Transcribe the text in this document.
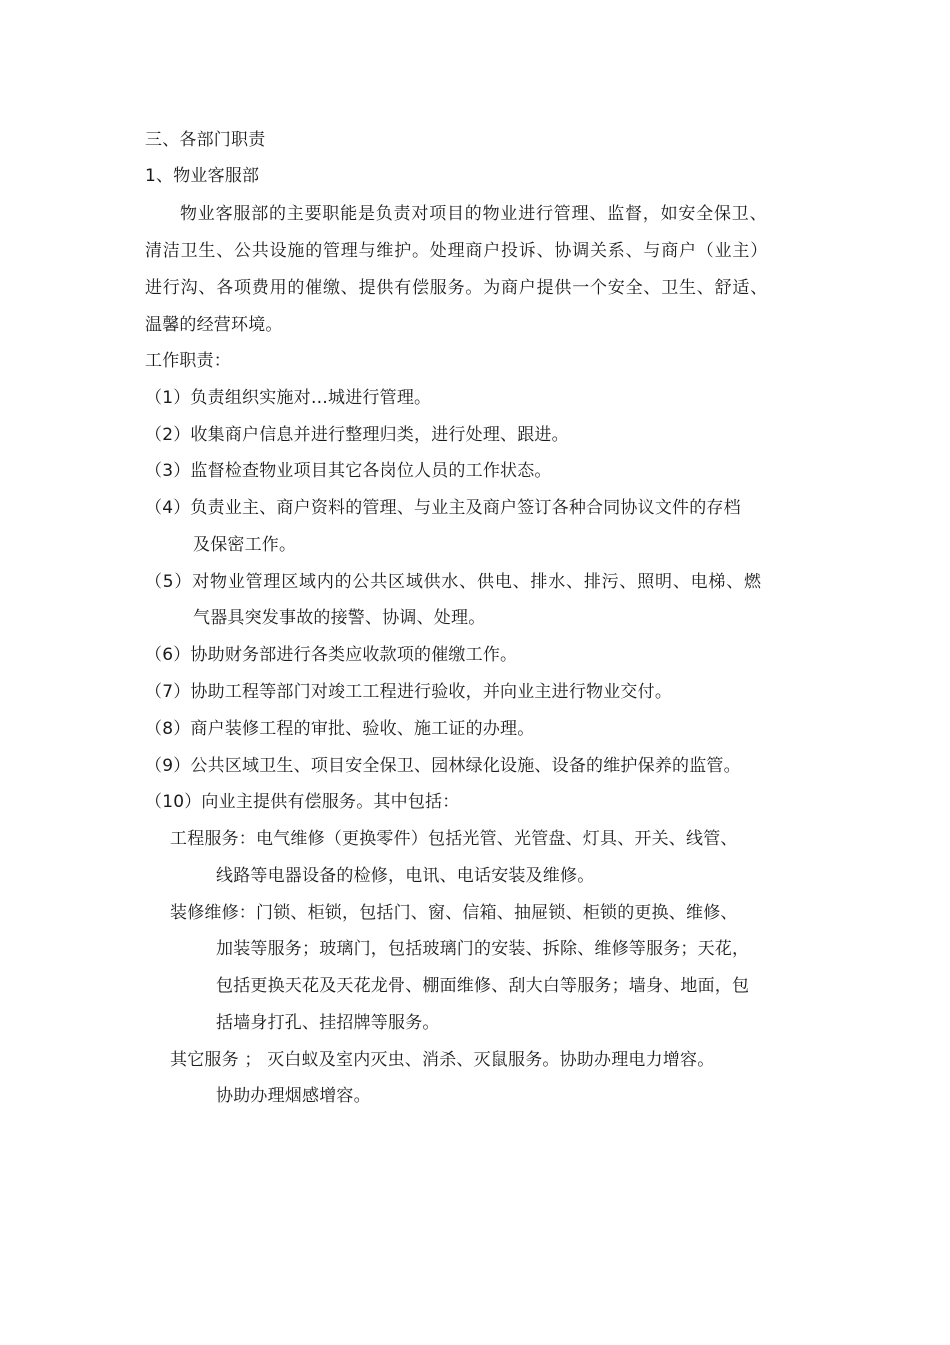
三、各部门职责
1、物业客服部
物业客服部的主要职能是负责对项目的物业进行管理、监督，如安全保卫、
清洁卫生、公共设施的管理与维护。处理商户投诉、协调关系、与商户（业主）
进行沟、各项费用的催缴、提供有偿服务。为商户提供一个安全、卫生、舒适、
温馨的经营环境。
工作职责：
（1）负责组织实施对…城进行管理。
（2）收集商户信息并进行整理归类，进行处理、跟进。
（3）监督检查物业项目其它各岗位人员的工作状态。
（4）负责业主、商户资料的管理、与业主及商户签订各种合同协议文件的存档
及保密工作。
（5）对物业管理区域内的公共区域供水、供电、排水、排污、照明、电梯、燃
气器具突发事故的接警、协调、处理。
（6）协助财务部进行各类应收款项的催缴工作。
（7）协助工程等部门对竣工工程进行验收，并向业主进行物业交付。
（8）商户装修工程的审批、验收、施工证的办理。
（9）公共区域卫生、项目安全保卫、园林绿化设施、设备的维护保养的监管。
（10）向业主提供有偿服务。其中包括：
工程服务：电气维修（更换零件）包括光管、光管盘、灯具、开关、线管、
线路等电器设备的检修，电讯、电话安装及维修。
装修维修：门锁、柜锁，包括门、窗、信箱、抽屉锁、柜锁的更换、维修、
加装等服务；玻璃门，包括玻璃门的安装、拆除、维修等服务；天花，
包括更换天花及天花龙骨、棚面维修、刮大白等服务；墙身、地面，包
括墙身打孔、挂招牌等服务。
其它服务 ； 灭白蚁及室内灭虫、消杀、灭鼠服务。协助办理电力增容。
协助办理烟感增容。
